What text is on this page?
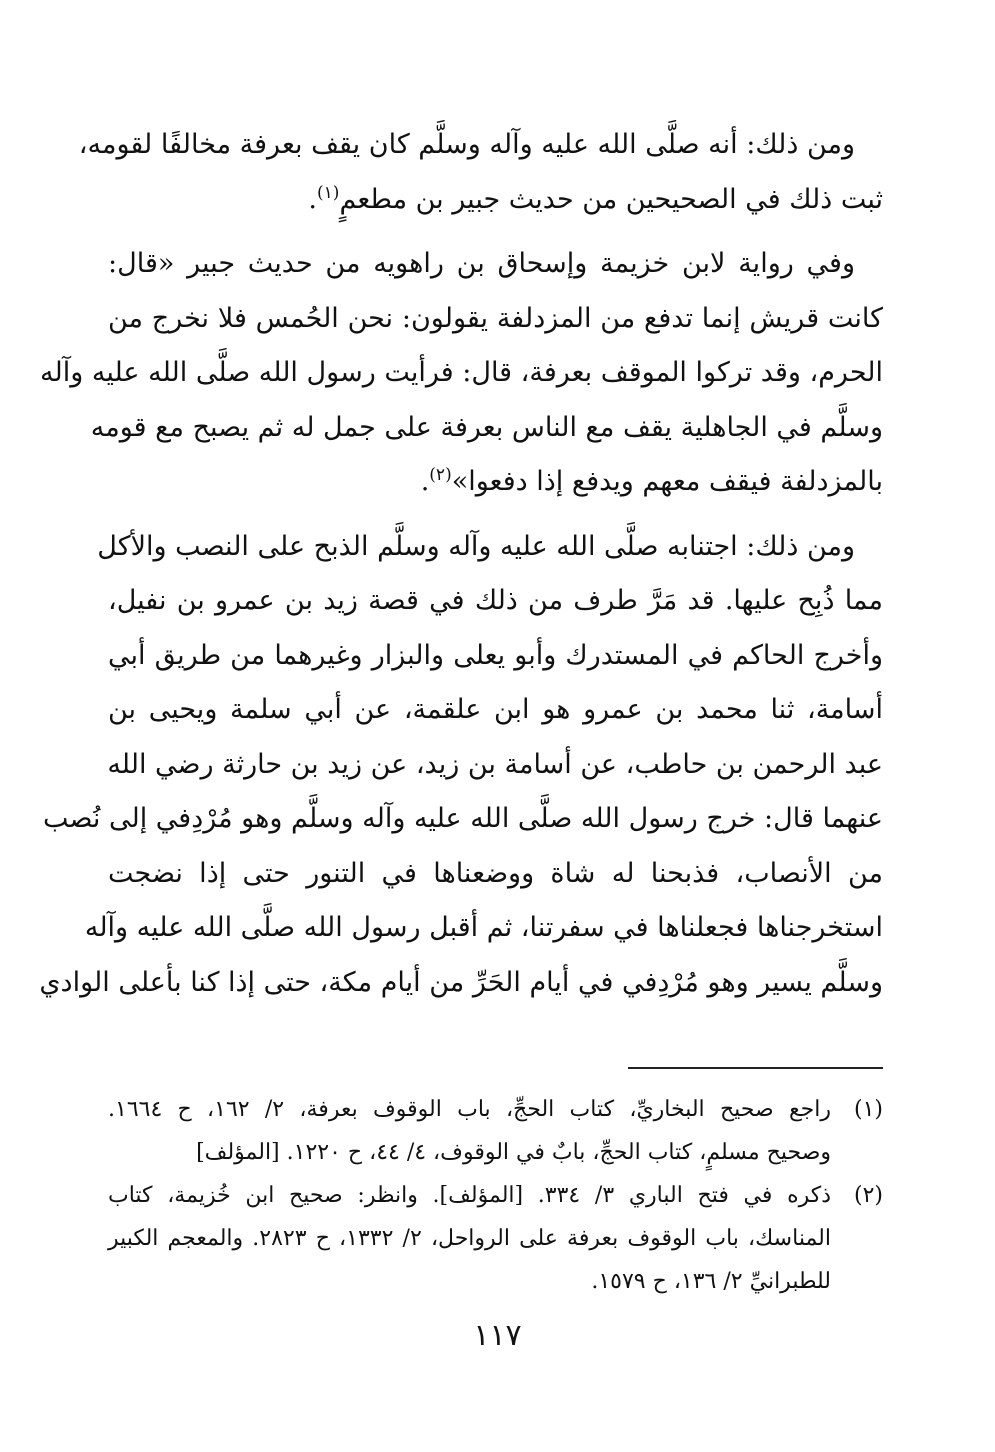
ومن ذلك: أنه صلَّى الله عليه وآله وسلَّم كان يقف بعرفة مخالفًا لقومه،
ثبت ذلك في الصحيحين من حديث جبير بن مطعمٍ$^{(١)}$.

وفي رواية لابن خزيمة وإسحاق بن راهويه من حديث جبير «قال:
كانت قريش إنما تدفع من المزدلفة يقولون: نحن الحُمس فلا نخرج من
الحرم، وقد تركوا الموقف بعرفة، قال: فرأيت رسول الله صلَّى الله عليه وآله
وسلَّم في الجاهلية يقف مع الناس بعرفة على جمل له ثم يصبح مع قومه
بالمزدلفة فيقف معهم ويدفع إذا دفعوا»$^{(٢)}$.

ومن ذلك: اجتنابه صلَّى الله عليه وآله وسلَّم الذبح على النصب والأكل
مما ذُبِح عليها. قد مَرَّ طرف من ذلك في قصة زيد بن عمرو بن نفيل،
وأخرج الحاكم في المستدرك وأبو يعلى والبزار وغيرهما من طريق أبي
أسامة، ثنا محمد بن عمرو هو ابن علقمة، عن أبي سلمة ويحيى بن
عبد الرحمن بن حاطب، عن أسامة بن زيد، عن زيد بن حارثة رضي الله
عنهما قال: خرج رسول الله صلَّى الله عليه وآله وسلَّم وهو مُرْدِفي إلى نُصب
من الأنصاب، فذبحنا له شاة ووضعناها في التنور حتى إذا نضجت
استخرجناها فجعلناها في سفرتنا، ثم أقبل رسول الله صلَّى الله عليه وآله
وسلَّم يسير وهو مُرْدِفي في أيام الحَرِّ من أيام مكة، حتى إذا كنا بأعلى الوادي

(١)
راجع صحيح البخاريِّ، كتاب الحجِّ، باب الوقوف بعرفة، ٢/ ١٦٢، ح ١٦٦٤.
وصحيح مسلمٍ، كتاب الحجِّ، بابٌ في الوقوف، ٤/ ٤٤، ح ١٢٢٠. [المؤلف]
(٢)
ذكره في فتح الباري ٣/ ٣٣٤. [المؤلف]. وانظر: صحيح ابن خُزيمة، كتاب
المناسك، باب الوقوف بعرفة على الرواحل، ٢/ ١٣٣٢، ح ٢٨٢٣. والمعجم الكبير
للطبرانيِّ ٢/ ١٣٦، ح ١٥٧٩.
١١٧
